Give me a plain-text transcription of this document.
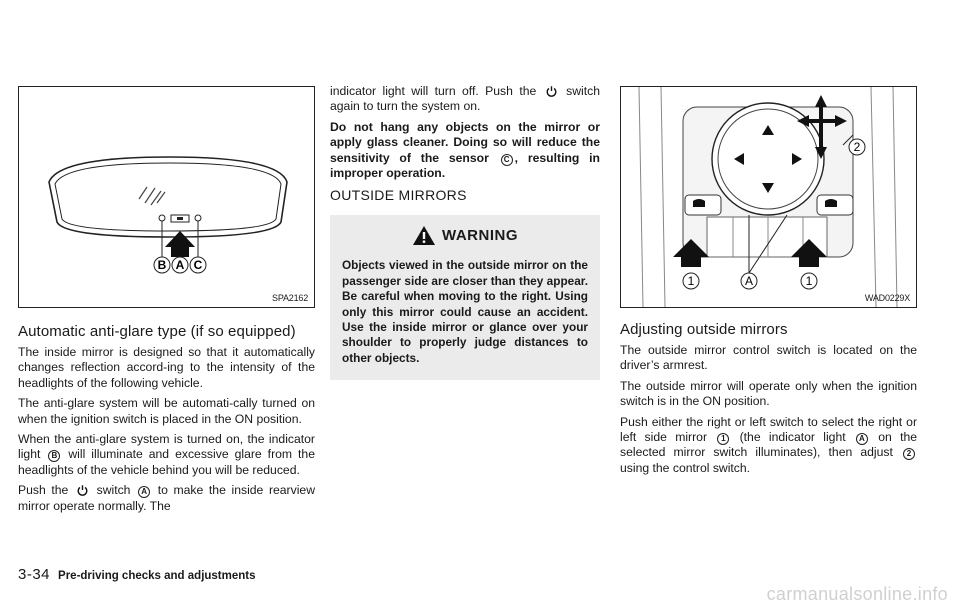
B A C
SPA2162
Automatic anti-glare type (if so equipped)

The inside mirror is designed so that it automatically changes reflection accord-ing to the intensity of the headlights of the following vehicle.

The anti-glare system will be automati-cally turned on when the ignition switch is placed in the ON position.

When the anti-glare system is turned on, the indicator light B will illuminate and excessive glare from the headlights of the vehicle behind you will be reduced.

Push the switch A to make the inside rearview mirror operate normally. The

indicator light will turn off. Push the switch again to turn the system on.

Do not hang any objects on the mirror or apply glass cleaner. Doing so will reduce the sensitivity of the sensor C , resulting in improper operation.

OUTSIDE MIRRORS
WARNING

Objects viewed in the outside mirror on the passenger side are closer than they appear. Be careful when moving to the right. Using only this mirror could cause an accident. Use the inside mirror or glance over your shoulder to properly judge distances to other objects.

1	A	1
2
WAD0229X
Adjusting outside mirrors

The outside mirror control switch is located on the driver’s armrest.

The outside mirror will operate only when the ignition switch is in the ON position.

Push either the right or left switch to select the right or left side mirror 1 (the indicator light A on the selected mirror switch illuminates), then adjust 2 using the control switch.

3-34 Pre-driving checks and adjustments
carmanualsonline.info
